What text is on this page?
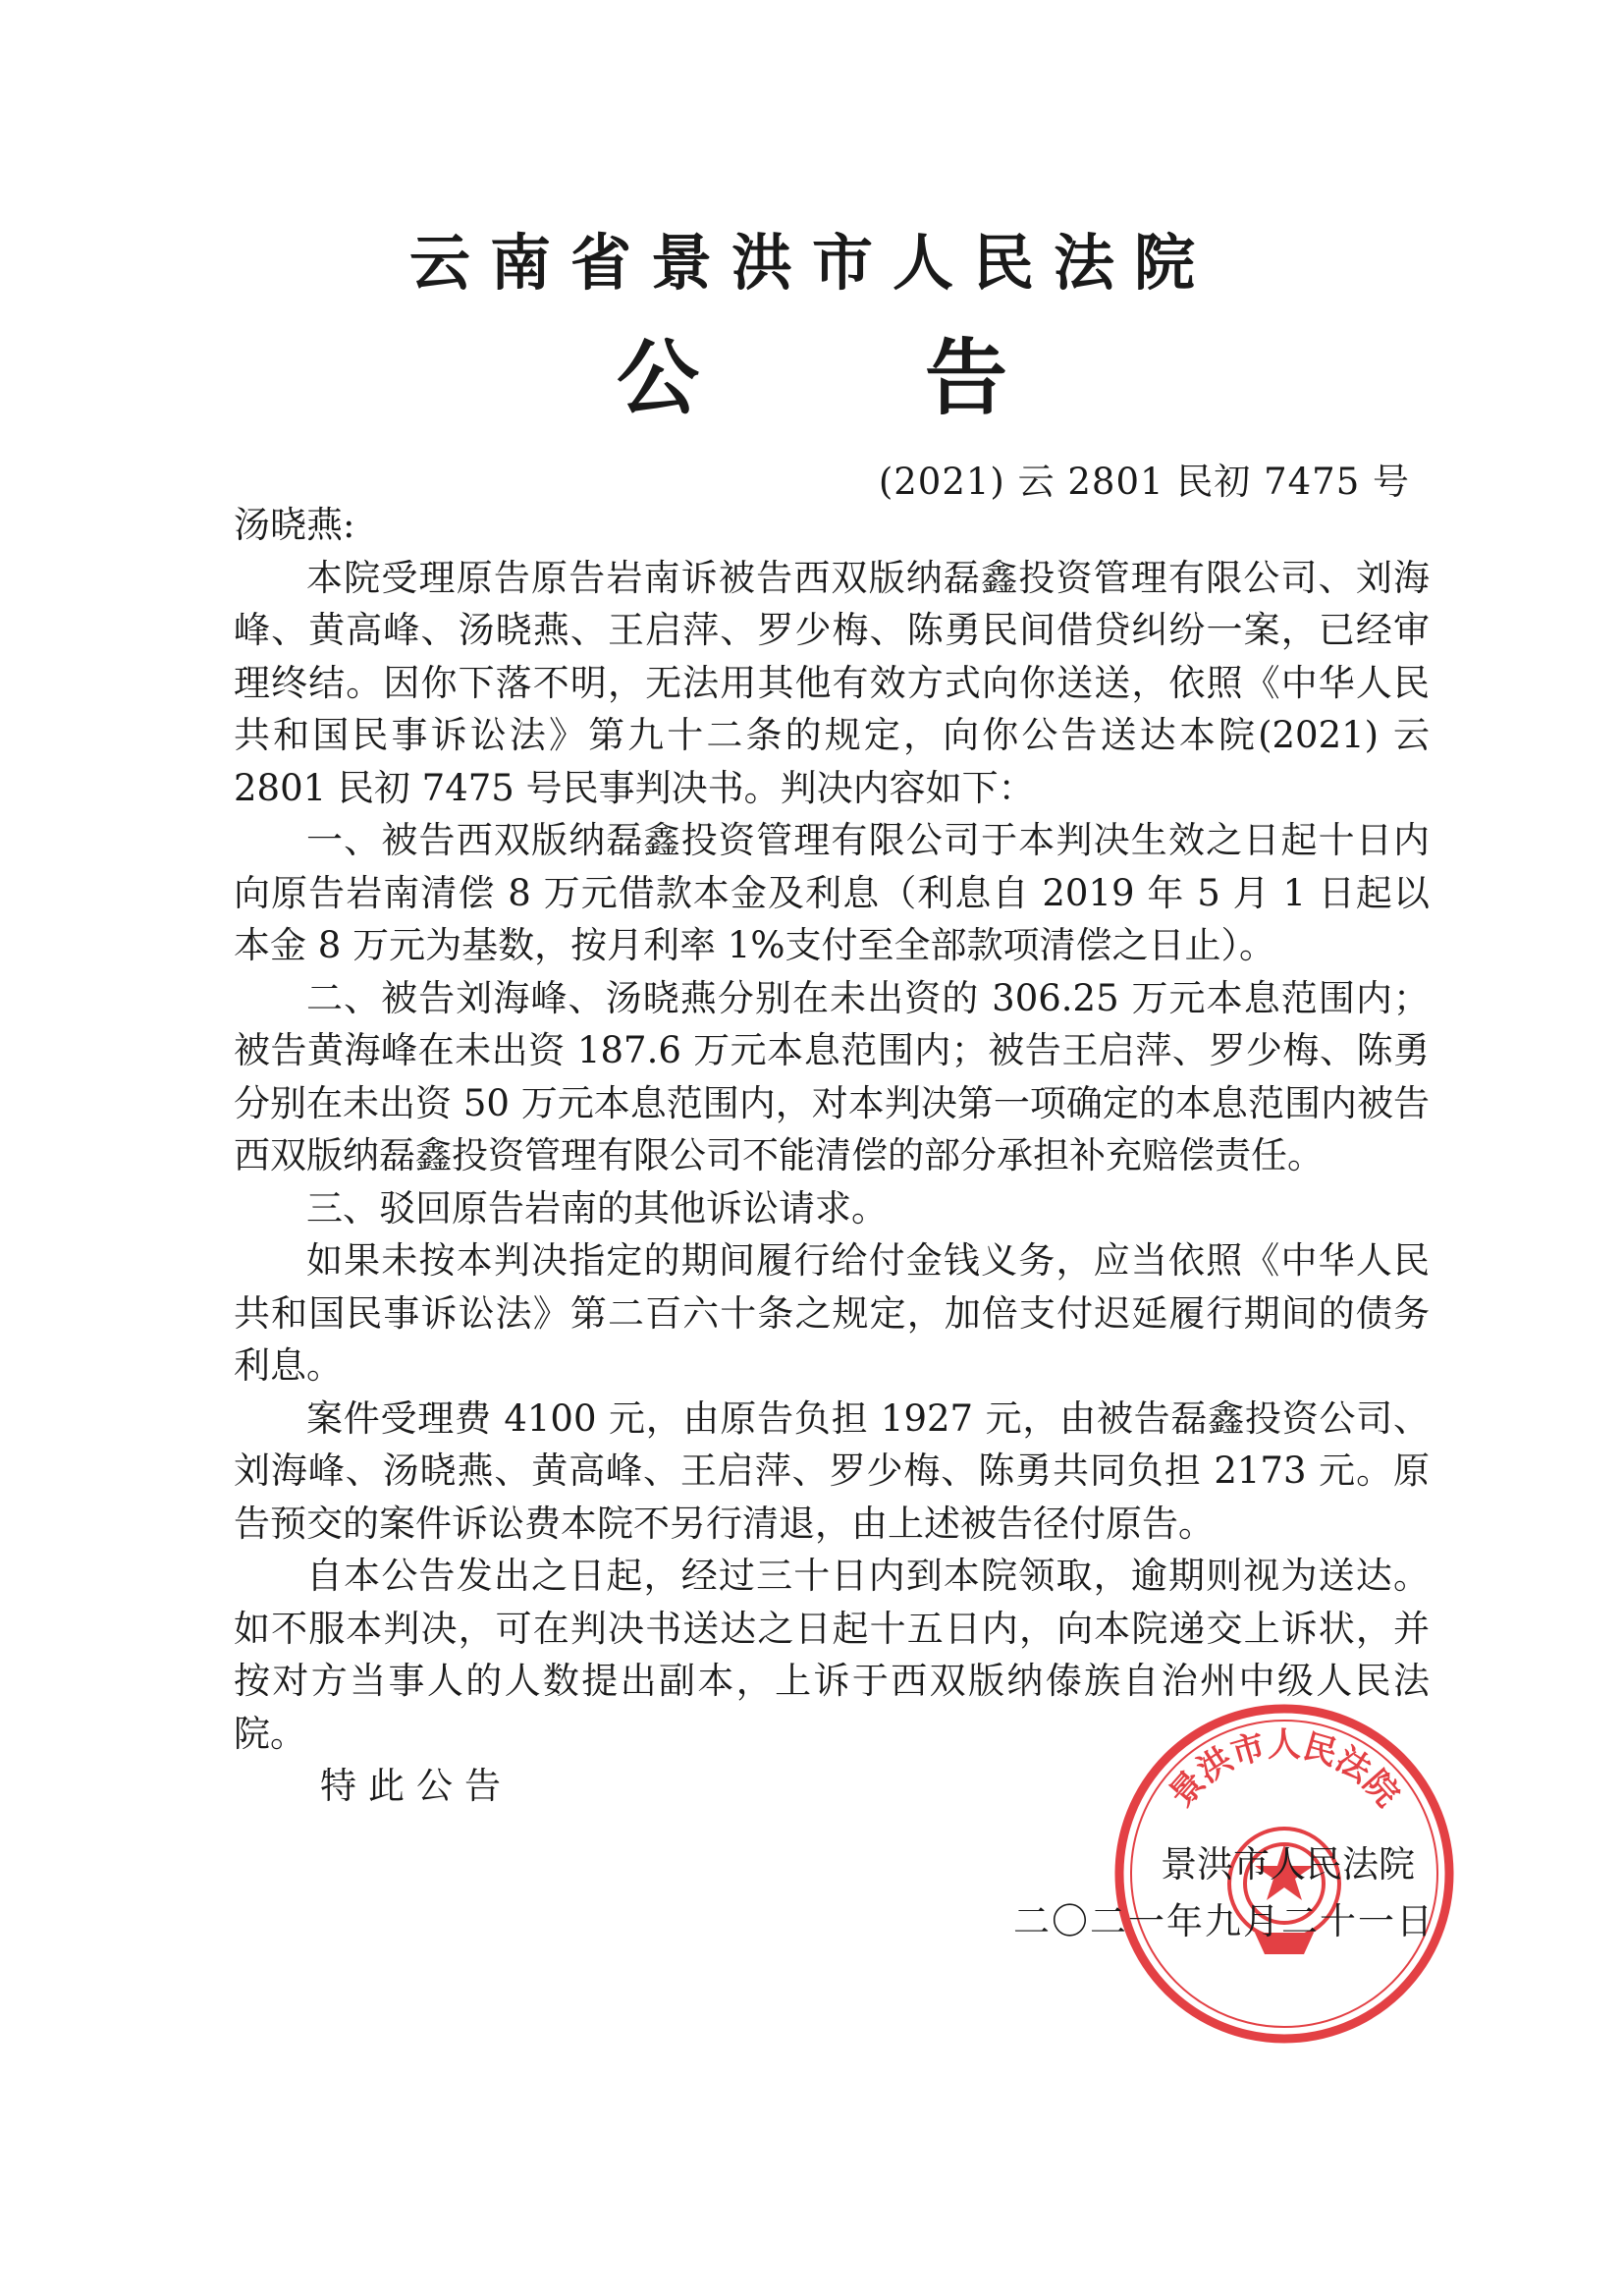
云南省景洪市人民法院
公	告
(2021) 云 2801 民初 7475 号

汤晓燕:

本院受理原告原告岩南诉被告西双版纳磊鑫投资管理有限公司、刘海峰、黄高峰、汤晓燕、王启萍、罗少梅、陈勇民间借贷纠纷一案，已经审理终结。因你下落不明，无法用其他有效方式向你送送，依照《中华人民共和国民事诉讼法》第九十二条的规定，向你公告送达本院(2021) 云 2801 民初 7475 号民事判决书。判决内容如下：

一、被告西双版纳磊鑫投资管理有限公司于本判决生效之日起十日内向原告岩南清偿 8 万元借款本金及利息（利息自 2019 年 5 月 1 日起以本金 8 万元为基数，按月利率 1%支付至全部款项清偿之日止）。

二、被告刘海峰、汤晓燕分别在未出资的 306.25 万元本息范围内；被告黄海峰在未出资 187.6 万元本息范围内；被告王启萍、罗少梅、陈勇分别在未出资 50 万元本息范围内，对本判决第一项确定的本息范围内被告西双版纳磊鑫投资管理有限公司不能清偿的部分承担补充赔偿责任。

三、驳回原告岩南的其他诉讼请求。

如果未按本判决指定的期间履行给付金钱义务，应当依照《中华人民共和国民事诉讼法》第二百六十条之规定，加倍支付迟延履行期间的债务利息。

案件受理费 4100 元，由原告负担 1927 元，由被告磊鑫投资公司、刘海峰、汤晓燕、黄高峰、王启萍、罗少梅、陈勇共同负担 2173 元。原告预交的案件诉讼费本院不另行清退，由上述被告径付原告。

自本公告发出之日起，经过三十日内到本院领取，逾期则视为送达。如不服本判决，可在判决书送达之日起十五日内，向本院递交上诉状，并按对方当事人的人数提出副本，上诉于西双版纳傣族自治州中级人民法院。

特此公告	景洪市人民法院
景洪市人民法院
二〇二一年九月二十一日
